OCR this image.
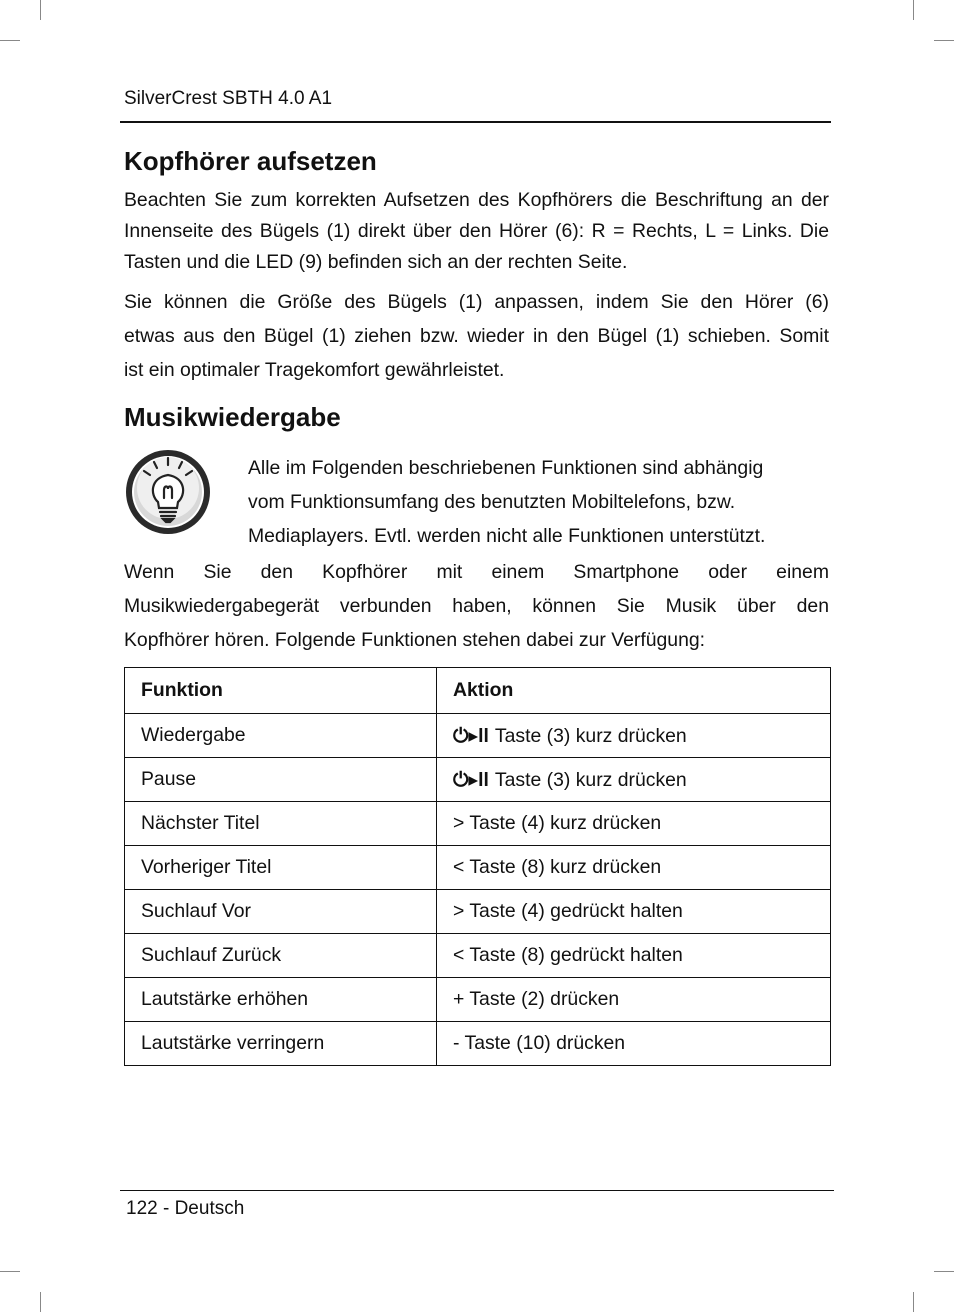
SilverCrest SBTH 4.0 A1
Kopfhörer aufsetzen
Beachten Sie zum korrekten Aufsetzen des Kopfhörers die Beschriftung an der
Innenseite des Bügels (1) direkt über den Hörer (6): R = Rechts, L = Links. Die
Tasten und die LED (9) befinden sich an der rechten Seite.
Sie können die Größe des Bügels (1) anpassen, indem Sie den Hörer (6)
etwas aus den Bügel (1) ziehen bzw. wieder in den Bügel (1) schieben. Somit
ist ein optimaler Tragekomfort gewährleistet.
Musikwiedergabe
Alle im Folgenden beschriebenen Funktionen sind abhängig
vom Funktionsumfang des benutzten Mobiltelefons, bzw.
Mediaplayers. Evtl. werden nicht alle Funktionen unterstützt.
Wenn Sie den Kopfhörer mit einem Smartphone oder einem
Musikwiedergabegerät verbunden haben, können Sie Musik über den
Kopfhörer hören. Folgende Funktionen stehen dabei zur Verfügung:
Funktion	Aktion
Wiedergabe	⏻▸ll Taste (3) kurz drücken
Pause	⏻▸ll Taste (3) kurz drücken
Nächster Titel	> Taste (4) kurz drücken
Vorheriger Titel	< Taste (8) kurz drücken
Suchlauf Vor	> Taste (4) gedrückt halten
Suchlauf Zurück	< Taste (8) gedrückt halten
Lautstärke erhöhen	+ Taste (2) drücken
Lautstärke verringern	- Taste (10) drücken
122 - Deutsch
